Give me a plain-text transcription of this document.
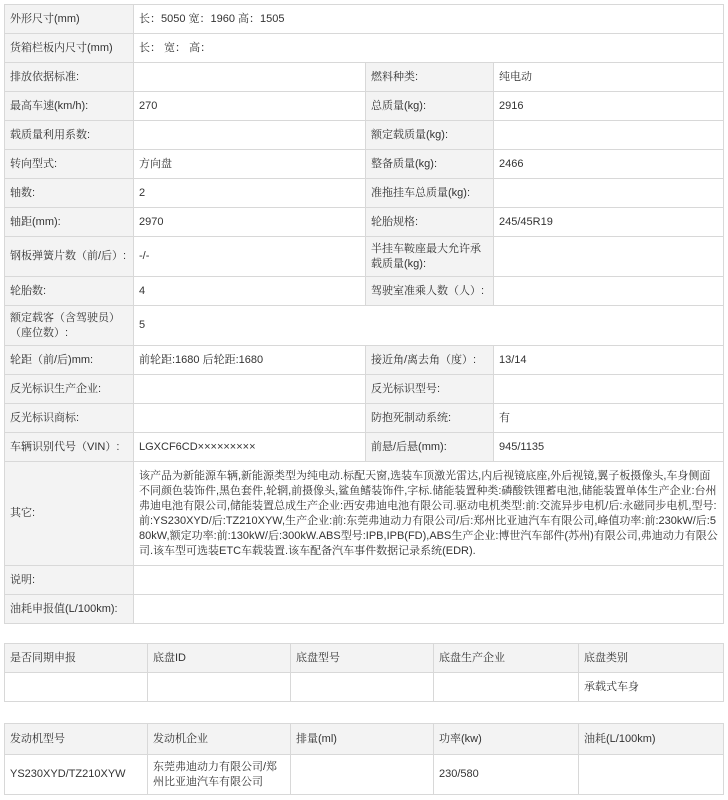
外形尺寸(mm)	长：5050 宽：1960 高：1505		
货箱栏板内尺寸(mm)	长： 宽： 高：		
排放依据标准:		燃料种类:	纯电动
最高车速(km/h):	270	总质量(kg):	2916
载质量利用系数:		额定载质量(kg):	
转向型式:	方向盘	整备质量(kg):	2466
轴数:	2	准拖挂车总质量(kg):	
轴距(mm):	2970	轮胎规格:	245/45R19
钢板弹簧片数（前/后）:	-/-	半挂车鞍座最大允许承载质量(kg):	
轮胎数:	4	驾驶室准乘人数（人）:	
额定载客（含驾驶员）（座位数）:	5		
轮距（前/后)mm:	前轮距:1680 后轮距:1680	接近角/离去角（度）:	13/14
反光标识生产企业:		反光标识型号:	
反光标识商标:		防抱死制动系统:	有
车辆识别代号（VIN）:	LGXCF6CD×××××××××	前悬/后悬(mm):	945/1135
其它:	该产品为新能源车辆,新能源类型为纯电动.标配天窗,选装车顶激光雷达,内后视镜底座,外后视镜,翼子板摄像头,车身侧面不同颜色装饰件,黑色套件,轮辋,前摄像头,鲨鱼鳍装饰件,字标.储能装置种类:磷酸铁锂蓄电池,储能装置单体生产企业:台州弗迪电池有限公司,储能装置总成生产企业:西安弗迪电池有限公司.驱动电机类型:前:交流异步电机/后:永磁同步电机,型号:前:YS230XYD/后:TZ210XYW,生产企业:前:东莞弗迪动力有限公司/后:郑州比亚迪汽车有限公司,峰值功率:前:230kW/后:580kW,额定功率:前:130kW/后:300kW.ABS型号:IPB,IPB(FD),ABS生产企业:博世汽车部件(苏州)有限公司,弗迪动力有限公司.该车型可选装ETC车载装置.该车配备汽车事件数据记录系统(EDR).		
说明:			
油耗申报值(L/100km):			
是否同期申报	底盘ID	底盘型号	底盘生产企业	底盘类别
				承载式车身
发动机型号	发动机企业	排量(ml)	功率(kw)	油耗(L/100km)
YS230XYD/TZ210XYW	东莞弗迪动力有限公司/郑州比亚迪汽车有限公司		230/580	
